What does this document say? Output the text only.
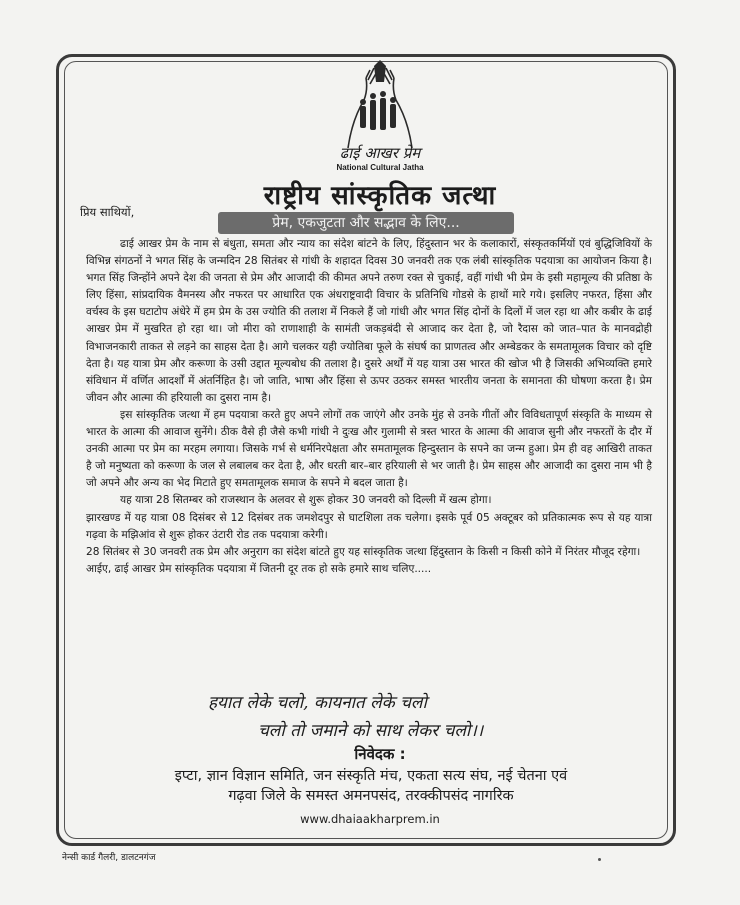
ढाई आखर प्रेम
National Cultural Jatha
राष्ट्रीय सांस्कृतिक जत्था
प्रिय साथियों,
प्रेम, एकजुटता और सद्भाव के लिए...

ढाई आखर प्रेम के नाम से बंधुता, समता और न्याय का संदेश बांटने के लिए, हिंदुस्तान भर के कलाकारों, संस्कृतकर्मियों एवं बुद्धिजिवियों के विभिन्न संगठनों ने भगत सिंह के जन्मदिन 28 सितंबर से गांधी के शहादत दिवस 30 जनवरी तक एक लंबी सांस्कृतिक पदयात्रा का आयोजन किया है। भगत सिंह जिन्होंने अपने देश की जनता से प्रेम और आजादी की कीमत अपने तरुण रक्त से चुकाई, वहीं गांधी भी प्रेम के इसी महामूल्य की प्रतिष्ठा के लिए हिंसा, सांप्रदायिक वैमनस्य और नफरत पर आधारित एक अंधराष्ट्रवादी विचार के प्रतिनिधि गोडसे के हाथों मारे गये। इसलिए नफरत, हिंसा और वर्चस्व के इस घटाटोप अंधेरे में हम प्रेम के उस ज्योति की तलाश में निकले हैं जो गांधी और भगत सिंह दोनों के दिलों में जल रहा था और कबीर के ढाई आखर प्रेम में मुखरित हो रहा था। जो मीरा को राणाशाही के सामंती जकड़बंदी से आजाद कर देता है, जो रैदास को जात–पात के मानवद्रोही विभाजनकारी ताकत से लड़ने का साहस देता है। आगे चलकर यही ज्योतिबा फूले के संघर्ष का प्राणतत्व और अम्बेडकर के समतामूलक विचार को दृष्टि देता है। यह यात्रा प्रेम और करूणा के उसी उद्दात मूल्यबोध की तलाश है। दुसरे अर्थों में यह यात्रा उस भारत की खोज भी है जिसकी अभिव्यक्ति हमारे संविधान में वर्णित आदर्शों में अंतर्निहित है। जो जाति, भाषा और हिंसा से ऊपर उठकर समस्त भारतीय जनता के समानता की घोषणा करता है। प्रेम जीवन और आत्मा की हरियाली का दुसरा नाम है।

इस सांस्कृतिक जत्था में हम पदयात्रा करते हुए अपने लोगों तक जाएंगे और उनके मुंह से उनके गीतों और विविधतापूर्ण संस्कृति के माध्यम से भारत के आत्मा की आवाज सुनेंगे। ठीक वैसे ही जैसे कभी गांधी ने दुःख और गुलामी से त्रस्त भारत के आत्मा की आवाज सुनी और नफरतों के दौर में उनकी आत्मा पर प्रेम का मरहम लगाया। जिसके गर्भ से धर्मनिरपेक्षता और समतामूलक हिन्दुस्तान के सपने का जन्म हुआ। प्रेम ही वह आखिरी ताकत है जो मनुष्यता को करूणा के जल से लबालब कर देता है, और धरती बार–बार हरियाली से भर जाती है। प्रेम साहस और आजादी का दुसरा नाम भी है जो अपने और अन्य का भेद मिटाते हुए समतामूलक समाज के सपने मे बदल जाता है।

यह यात्रा 28 सितम्बर को राजस्थान के अलवर से शुरू होकर 30 जनवरी को दिल्ली में खत्म होगा।

झारखण्ड में यह यात्रा 08 दिसंबर से 12 दिसंबर तक जमशेदपुर से घाटशिला तक चलेगा। इसके पूर्व 05 अक्टूबर को प्रतिकात्मक रूप से यह यात्रा गढ़वा के मझिआंव से शुरू होकर उंटारी रोड तक पदयात्रा करेगी।

28 सितंबर से 30 जनवरी तक प्रेम और अनुराग का संदेश बांटते हुए यह सांस्कृतिक जत्था हिंदुस्तान के किसी न किसी कोने में निरंतर मौजूद रहेगा।

आईए, ढाई आखर प्रेम सांस्कृतिक पदयात्रा में जितनी दूर तक हो सके हमारे साथ चलिए.....

हयात लेके चलो, कायनात लेके चलो
चलो तो जमाने को साथ लेकर चलो।।
निवेदक :
इप्टा, ज्ञान विज्ञान समिति, जन संस्कृति मंच, एकता सत्य संघ, नई चेतना एवं
गढ़वा जिले के समस्त अमनपसंद, तरक्कीपसंद नागरिक
www.dhaiaakharprem.in
नेन्सी कार्ड गैलरी, डालटनगंज
